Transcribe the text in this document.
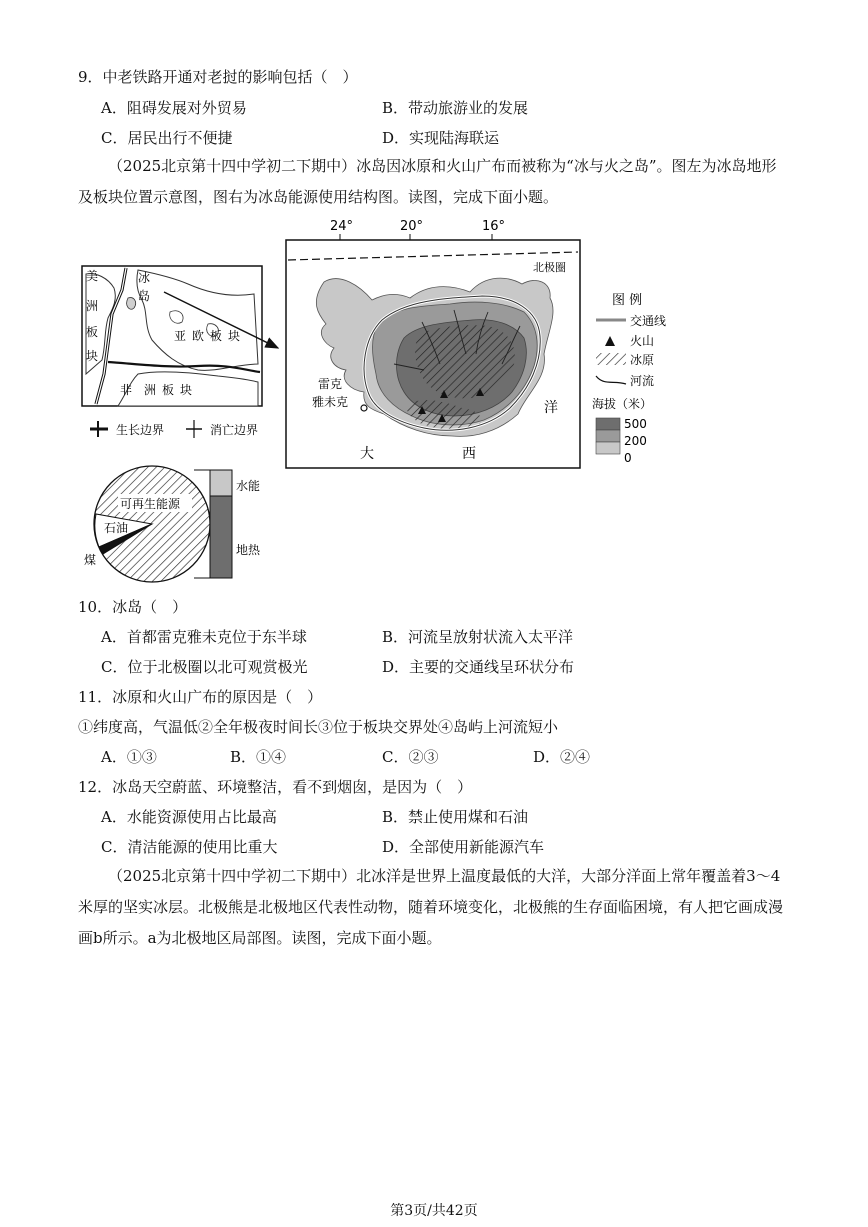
9．中老铁路开通对老挝的影响包括（　）
A．阻碍发展对外贸易	B．带动旅游业的发展
C．居民出行不便捷	D．实现陆海联运
（2025北京第十四中学初二下期中）冰岛因冰原和火山广布而被称为“冰与火之岛”。图左为冰岛地形及板块位置示意图，图右为冰岛能源使用结构图。读图，完成下面小题。
美
洲
板
块
冰
岛
亚欧板块
非 洲板块
生长边界	消亡边界
24°	20°	16°
北极圈
雷克
雅未克
大	西
洋
图 例
交通线
火山
冰原
河流
海拔（米）
500
200
0
可再生能源
石油
煤
水能
地热
10．冰岛（　）
A．首都雷克雅未克位于东半球	B．河流呈放射状流入太平洋
C．位于北极圈以北可观赏极光	D．主要的交通线呈环状分布
11．冰原和火山广布的原因是（　）
①纬度高，气温低②全年极夜时间长③位于板块交界处④岛屿上河流短小
A．①③	B．①④	C．②③	D．②④
12．冰岛天空蔚蓝、环境整洁，看不到烟囱，是因为（　）
A．水能资源使用占比最高	B．禁止使用煤和石油
C．清洁能源的使用比重大	D．全部使用新能源汽车
（2025北京第十四中学初二下期中）北冰洋是世界上温度最低的大洋，大部分洋面上常年覆盖着3～4米厚的坚实冰层。北极熊是北极地区代表性动物，随着环境变化，北极熊的生存面临困境，有人把它画成漫画b所示。a为北极地区局部图。读图，完成下面小题。
第3页/共42页
